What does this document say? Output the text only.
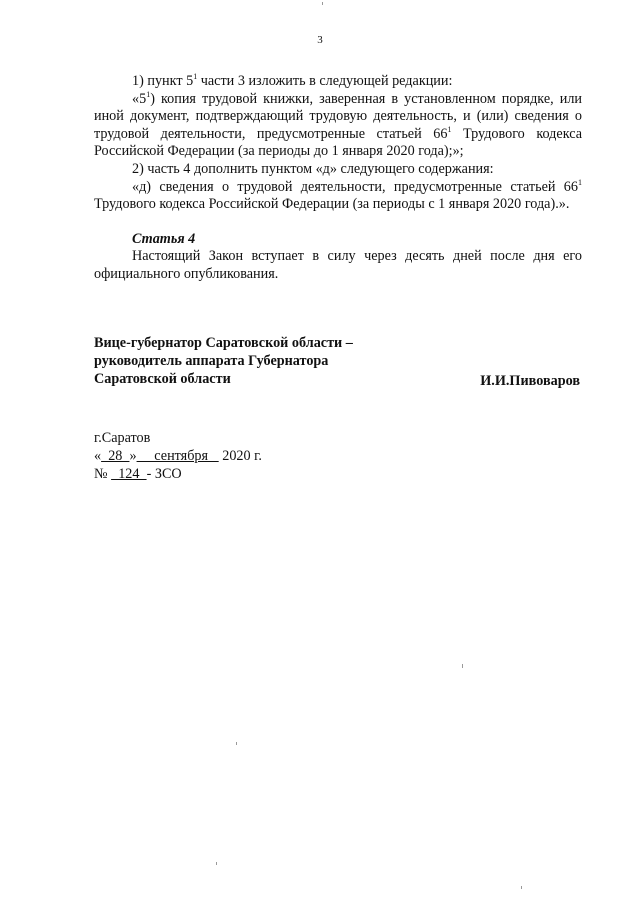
3

1) пункт $5^1$ части 3 изложить в следующей редакции:

«$5^1$) копия трудовой книжки, заверенная в установленном порядке, или иной документ, подтверждающий трудовую деятельность, и (или) сведения о трудовой деятельности, предусмотренные статьей $66^1$ Трудового кодекса Российской Федерации (за периоды до 1 января 2020 года);»;

2) часть 4 дополнить пунктом «д» следующего содержания:

«д) сведения о трудовой деятельности, предусмотренные статьей $66^1$ Трудового кодекса Российской Федерации (за периоды с 1 января 2020 года).».

Статья 4

Настоящий Закон вступает в силу через десять дней после дня его официального опубликования.

Вице-губернатор Саратовской области –
руководитель аппарата Губернатора
Саратовской области	И.И.Пивоваров
г.Саратов
«  28  »     сентября    2020 г.
№   124  - ЗСО
